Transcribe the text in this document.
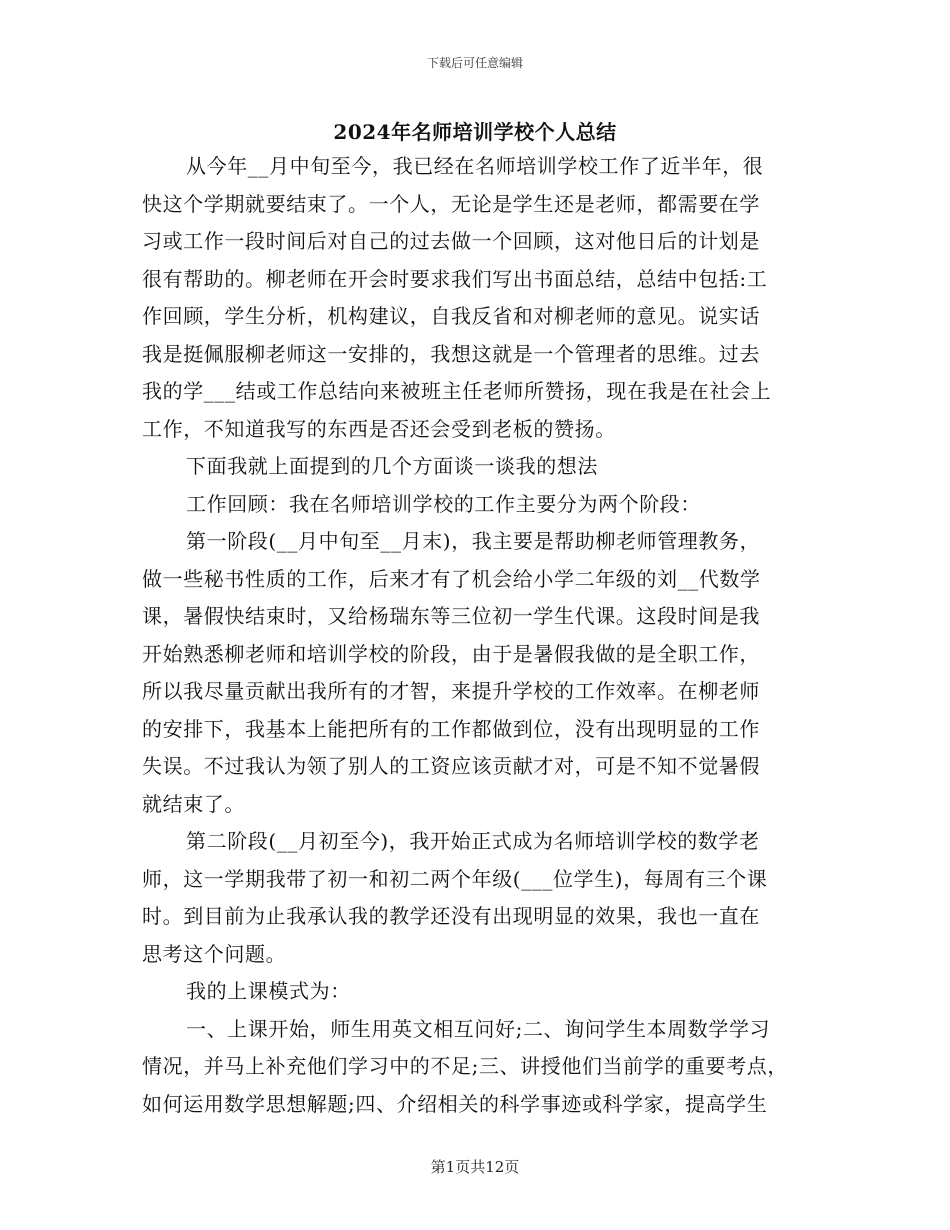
下载后可任意编辑
2024年名师培训学校个人总结
从今年__月中旬至今，我已经在名师培训学校工作了近半年，很
快这个学期就要结束了。一个人，无论是学生还是老师，都需要在学
习或工作一段时间后对自己的过去做一个回顾，这对他日后的计划是
很有帮助的。柳老师在开会时要求我们写出书面总结，总结中包括:工
作回顾，学生分析，机构建议，自我反省和对柳老师的意见。说实话
我是挺佩服柳老师这一安排的，我想这就是一个管理者的思维。过去
我的学___结或工作总结向来被班主任老师所赞扬，现在我是在社会上
工作，不知道我写的东西是否还会受到老板的赞扬。
下面我就上面提到的几个方面谈一谈我的想法
工作回顾：我在名师培训学校的工作主要分为两个阶段：
第一阶段(__月中旬至__月末)，我主要是帮助柳老师管理教务，
做一些秘书性质的工作，后来才有了机会给小学二年级的刘__代数学
课，暑假快结束时，又给杨瑞东等三位初一学生代课。这段时间是我
开始熟悉柳老师和培训学校的阶段，由于是暑假我做的是全职工作，
所以我尽量贡献出我所有的才智，来提升学校的工作效率。在柳老师
的安排下，我基本上能把所有的工作都做到位，没有出现明显的工作
失误。不过我认为领了别人的工资应该贡献才对，可是不知不觉暑假
就结束了。
第二阶段(__月初至今)，我开始正式成为名师培训学校的数学老
师，这一学期我带了初一和初二两个年级(___位学生)，每周有三个课
时。到目前为止我承认我的教学还没有出现明显的效果，我也一直在
思考这个问题。
我的上课模式为：
一、上课开始，师生用英文相互问好;二、询问学生本周数学学习
情况，并马上补充他们学习中的不足;三、讲授他们当前学的重要考点，
如何运用数学思想解题;四、介绍相关的科学事迹或科学家，提高学生
第1页共12页
